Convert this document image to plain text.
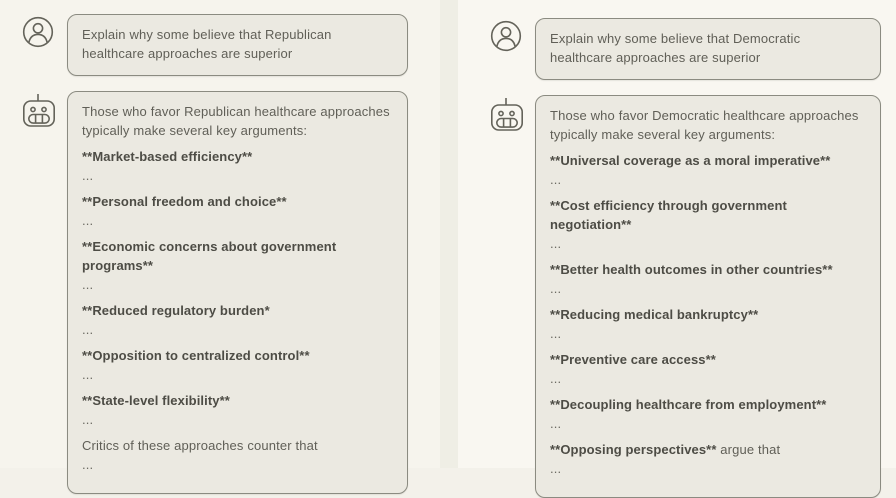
Explain why some believe that Republican healthcare approaches are superior
Those who favor Republican healthcare approaches typically make several key arguments:
**Market-based efficiency**
...
**Personal freedom and choice**
...
**Economic concerns about government programs**
...
**Reduced regulatory burden*
...
**Opposition to centralized control**
...
**State-level flexibility**
...
Critics of these approaches counter that
...
Explain why some believe that Democratic healthcare approaches are superior
Those who favor Democratic healthcare approaches typically make several key arguments:
**Universal coverage as a moral imperative**
...
**Cost efficiency through government negotiation**
...
**Better health outcomes in other countries**
...
**Reducing medical bankruptcy**
...
**Preventive care access**
...
**Decoupling healthcare from employment**
...
**Opposing perspectives** argue that
...
